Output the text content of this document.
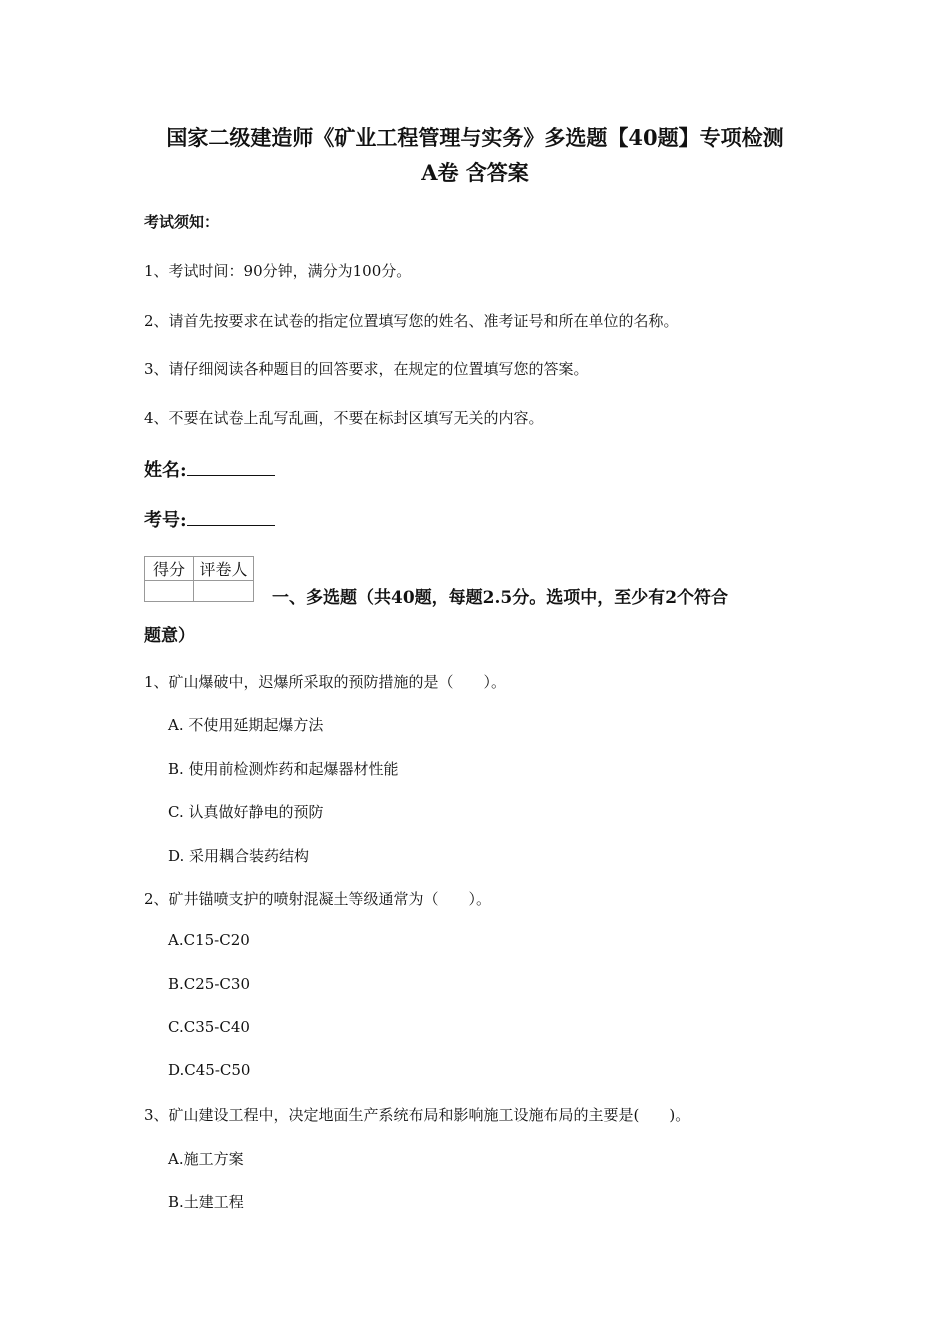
国家二级建造师《矿业工程管理与实务》多选题【40题】专项检测
A卷 含答案
考试须知：
1、考试时间：90分钟，满分为100分。
2、请首先按要求在试卷的指定位置填写您的姓名、准考证号和所在单位的名称。
3、请仔细阅读各种题目的回答要求，在规定的位置填写您的答案。
4、不要在试卷上乱写乱画，不要在标封区填写无关的内容。
姓名:
考号:
得分	评卷人

一、多选题（共40题，每题2.5分。选项中，至少有2个符合
题意）
1、矿山爆破中，迟爆所采取的预防措施的是（　　）。
A. 不使用延期起爆方法
B. 使用前检测炸药和起爆器材性能
C. 认真做好静电的预防
D. 采用耦合装药结构
2、矿井锚喷支护的喷射混凝土等级通常为（　　）。
A.C15-C20
B.C25-C30
C.C35-C40
D.C45-C50
3、矿山建设工程中，决定地面生产系统布局和影响施工设施布局的主要是(　　)。
A.施工方案
B.土建工程
